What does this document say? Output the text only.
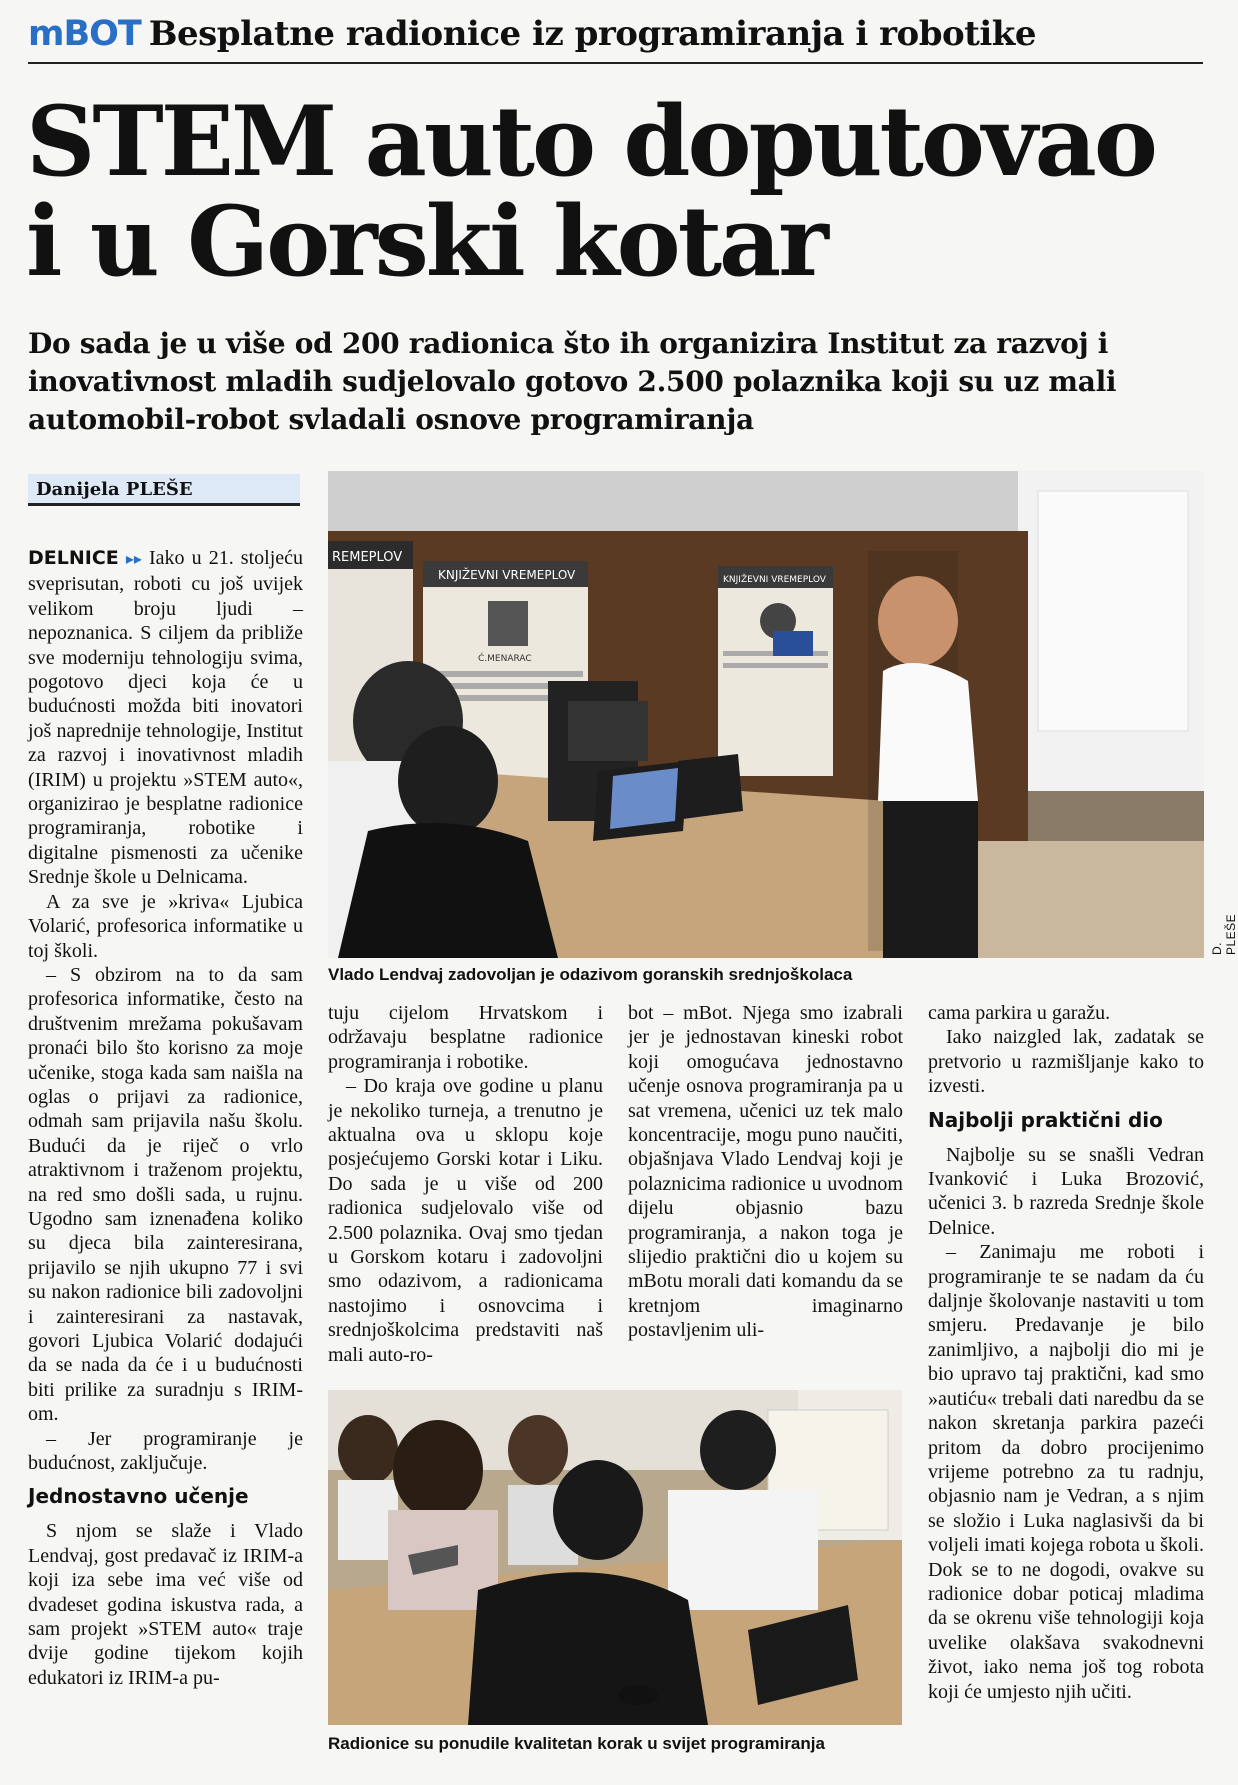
mBOT Besplatne radionice iz programiranja i robotike
STEM auto doputovao
i u Gorski kotar

Do sada je u više od 200 radionica što ih organizira Institut za razvoj i inovativnost mladih sudjelovalo gotovo 2.500 polaznika koji su uz mali automobil-robot svladali osnove programiranja

Danijela PLEŠE
REMEPLOV
KNJIŽEVNI VREMEPLOV
Ć.MENARAC
KNJIŽEVNI VREMEPLOV
D. PLEŠE
Vlado Lendvaj zadovoljan je odazivom goranskih srednjoškolaca
Radionice su ponudile kvalitetan korak u svijet programiranja

DELNICE ▸▸ Iako u 21. stoljeću sveprisutan, roboti cu još uvijek velikom broju ljudi – nepoznanica. S ciljem da približe sve moderniju tehnologiju svima, pogotovo djeci koja će u budućnosti možda biti inovatori još naprednije tehnologije, Institut za razvoj i inovativnost mladih (IRIM) u projektu »STEM auto«, organizirao je besplatne radionice programiranja, robotike i digitalne pismenosti za učenike Srednje škole u Delnicama.

A za sve je »kriva« Ljubica Volarić, profesorica informatike u toj školi.

– S obzirom na to da sam profesorica informatike, često na društvenim mrežama pokušavam pronaći bilo što korisno za moje učenike, stoga kada sam naišla na oglas o prijavi za radionice, odmah sam prijavila našu školu. Budući da je riječ o vrlo atraktivnom i traženom projektu, na red smo došli sada, u rujnu. Ugodno sam iznenađena koliko su djeca bila zainteresirana, prijavilo se njih ukupno 77 i svi su nakon radionice bili zadovoljni i zainteresirani za nastavak, govori Ljubica Volarić dodajući da se nada da će i u budućnosti biti prilike za suradnju s IRIM-om.

– Jer programiranje je budućnost, zaključuje.

Jednostavno učenje

S njom se slaže i Vlado Lendvaj, gost predavač iz IRIM-a koji iza sebe ima već više od dvadeset godina iskustva rada, a sam projekt »STEM auto« traje dvije godine tijekom kojih edukatori iz IRIM-a pu-

tuju cijelom Hrvatskom i održavaju besplatne radionice programiranja i robotike.

– Do kraja ove godine u planu je nekoliko turneja, a trenutno je aktualna ova u sklopu koje posjećujemo Gorski kotar i Liku. Do sada je u više od 200 radionica sudjelovalo više od 2.500 polaznika. Ovaj smo tjedan u Gorskom kotaru i zadovoljni smo odazivom, a radionicama nastojimo i osnovcima i srednjoškolcima predstaviti naš mali auto-ro-

bot – mBot. Njega smo izabrali jer je jednostavan kineski robot koji omogućava jednostavno učenje osnova programiranja pa u sat vremena, učenici uz tek malo koncentracije, mogu puno naučiti, objašnjava Vlado Lendvaj koji je polaznicima radionice u uvodnom dijelu objasnio bazu programiranja, a nakon toga je slijedio praktični dio u kojem su mBotu morali dati komandu da se kretnjom imaginarno postavljenim uli-

cama parkira u garažu.

Iako naizgled lak, zadatak se pretvorio u razmišljanje kako to izvesti.

Najbolji praktični dio

Najbolje su se snašli Vedran Ivanković i Luka Brozović, učenici 3. b razreda Srednje škole Delnice.

– Zanimaju me roboti i programiranje te se nadam da ću daljnje školovanje nastaviti u tom smjeru. Predavanje je bilo zanimljivo, a najbolji dio mi je bio upravo taj praktični, kad smo »autiću« trebali dati naredbu da se nakon skretanja parkira pazeći pritom da dobro procijenimo vrijeme potrebno za tu radnju, objasnio nam je Vedran, a s njim se složio i Luka naglasivši da bi voljeli imati kojega robota u školi. Dok se to ne dogodi, ovakve su radionice dobar poticaj mladima da se okrenu više tehnologiji koja uvelike olakšava svakodnevni život, iako nema još tog robota koji će umjesto njih učiti.
